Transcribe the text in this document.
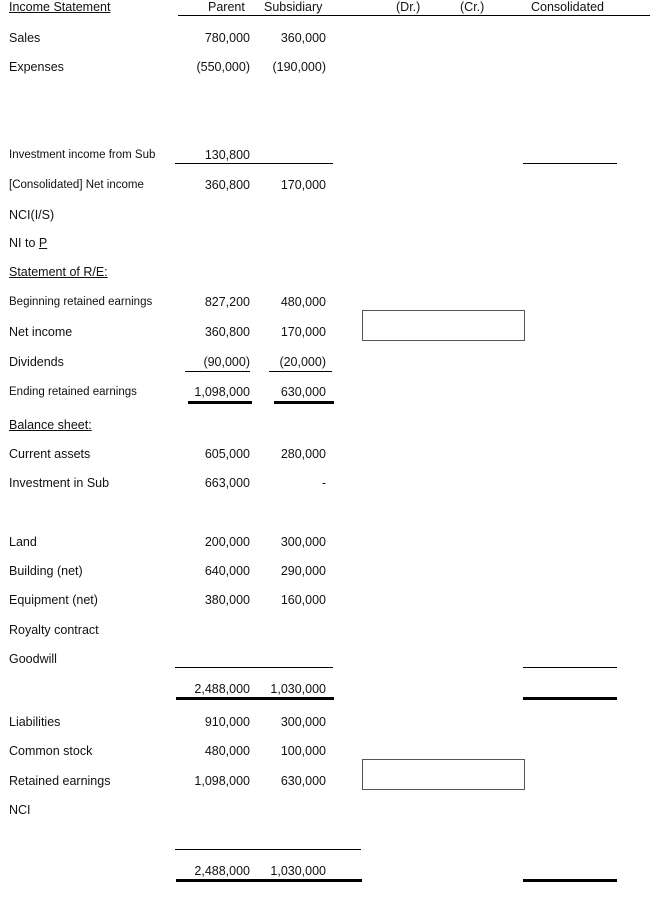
Income Statement	Parent Subsidiary	(Dr.)	(Cr.)	Consolidated
Sales	780,000	360,000
Expenses	(550,000)	(190,000)
Investment income from Sub	130,800
[Consolidated] Net income	360,800	170,000
NCI(I/S)
NI to P
Statement of R/E:
Beginning retained earnings	827,200	480,000
Net income	360,800	170,000
Dividends	(90,000)	(20,000)
Ending retained earnings	1,098,000	630,000
Balance sheet:
Current assets	605,000	280,000
Investment in Sub	663,000	-
Land	200,000	300,000
Building (net)	640,000	290,000
Equipment (net)	380,000	160,000
Royalty contract
Goodwill
2,488,000	1,030,000
Liabilities	910,000	300,000
Common stock	480,000	100,000
Retained earnings	1,098,000	630,000
NCI
2,488,000	1,030,000
